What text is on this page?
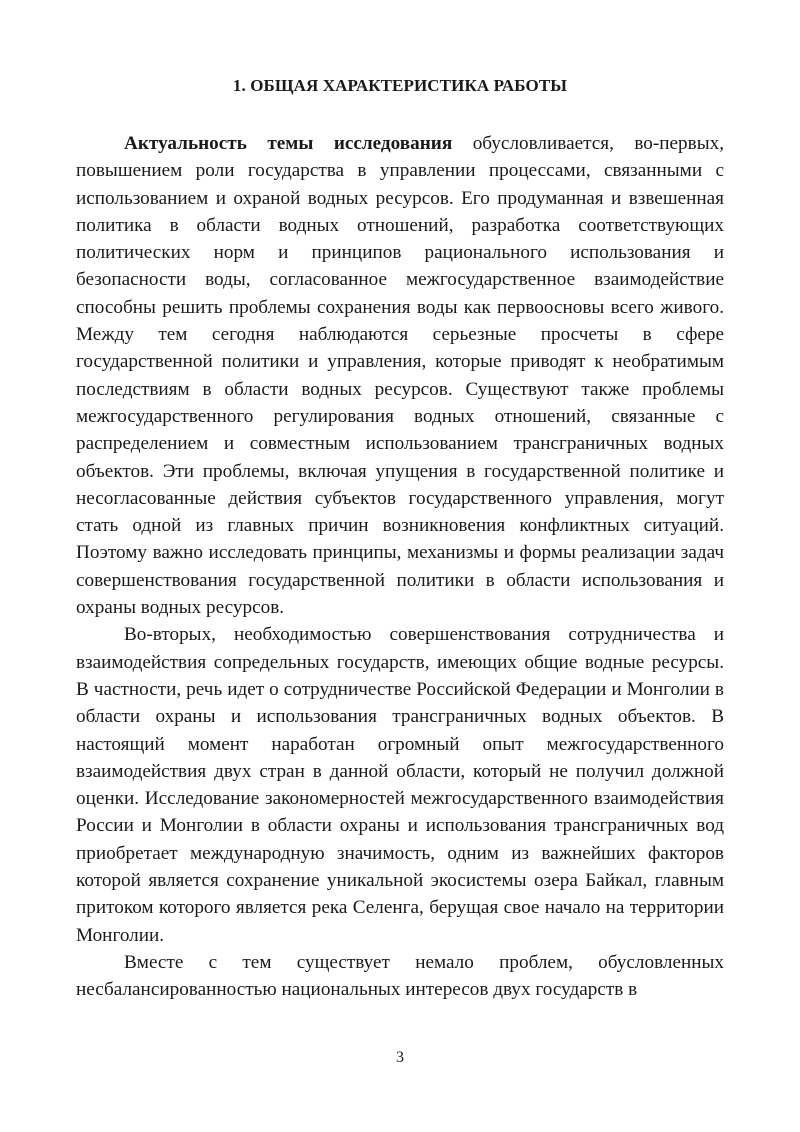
1. ОБЩАЯ ХАРАКТЕРИСТИКА РАБОТЫ

Актуальность темы исследования обусловливается, во-первых, повышением роли государства в управлении процессами, связанными с использованием и охраной водных ресурсов. Его продуманная и взвешенная политика в области водных отношений, разработка соответствующих политических норм и принципов рационального использования и безопасности воды, согласованное межгосударственное взаимодействие способны решить проблемы сохранения воды как первоосновы всего живого. Между тем сегодня наблюдаются серьезные просчеты в сфере государственной политики и управления, которые приводят к необратимым последствиям в области водных ресурсов. Существуют также проблемы межгосударственного регулирования водных отношений, связанные с распределением и совместным использованием трансграничных водных объектов. Эти проблемы, включая упущения в государственной политике и несогласованные действия субъектов государственного управления, могут стать одной из главных причин возникновения конфликтных ситуаций. Поэтому важно исследовать принципы, механизмы и формы реализации задач совершенствования государственной политики в области использования и охраны водных ресурсов.

Во-вторых, необходимостью совершенствования сотрудничества и взаимодействия сопредельных государств, имеющих общие водные ресурсы. В частности, речь идет о сотрудничестве Российской Федерации и Монголии в области охраны и использования трансграничных водных объектов. В настоящий момент наработан огромный опыт межгосударственного взаимодействия двух стран в данной области, который не получил должной оценки. Исследование закономерностей межгосударственного взаимодействия России и Монголии в области охраны и использования трансграничных вод приобретает международную значимость, одним из важнейших факторов которой является сохранение уникальной экосистемы озера Байкал, главным притоком которого является река Селенга, берущая свое начало на территории Монголии.

Вместе с тем существует немало проблем, обусловленных несбалансированностью национальных интересов двух государств в

3
